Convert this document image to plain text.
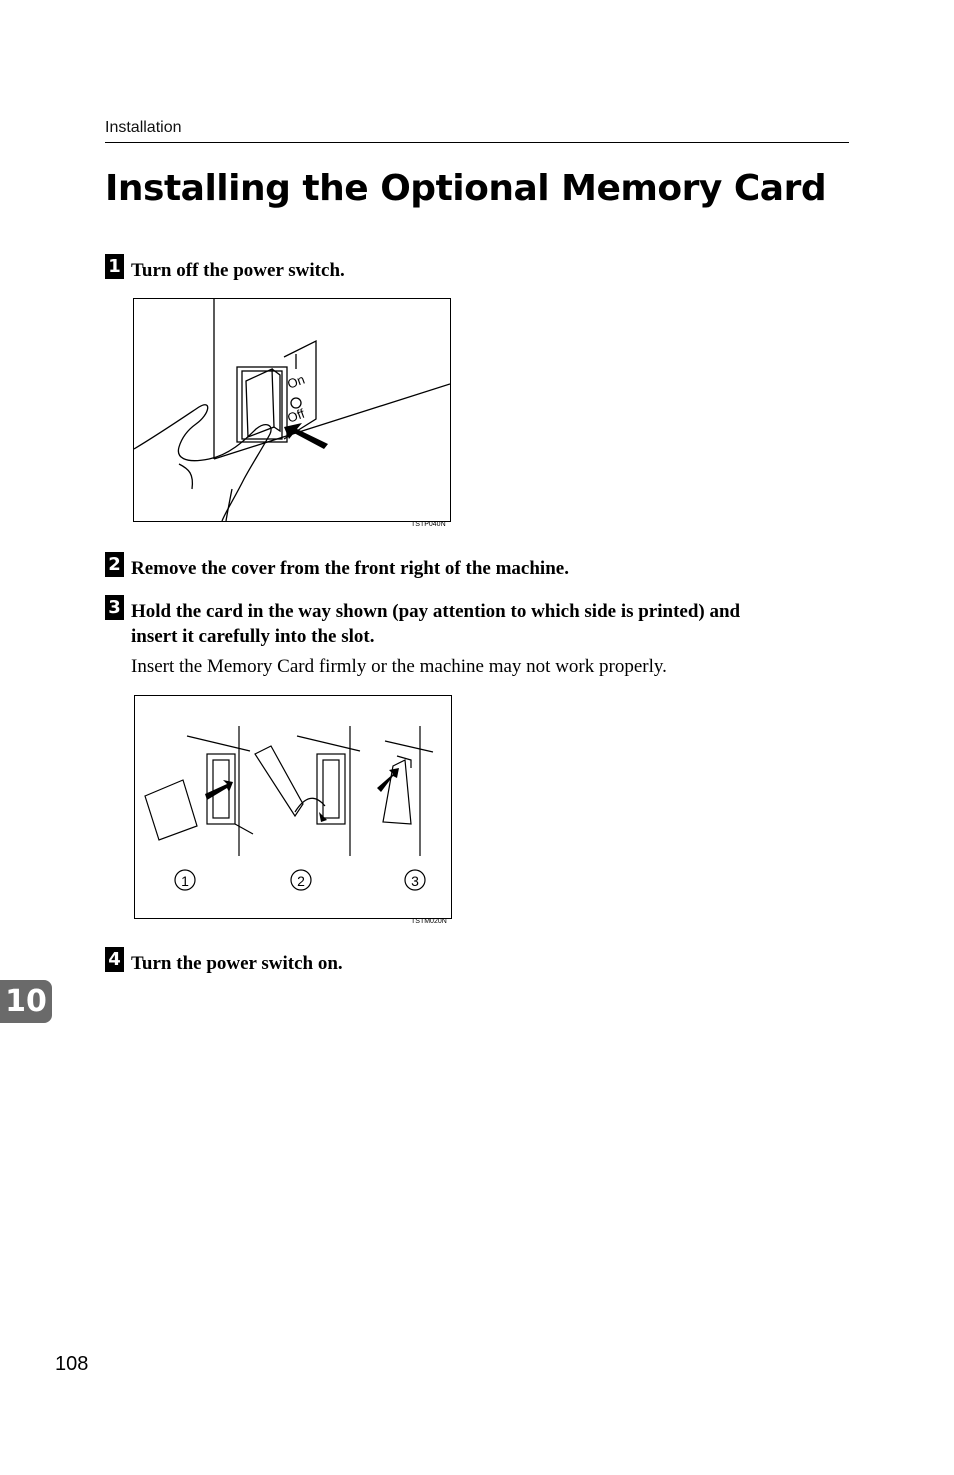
Installation
Installing the Optional Memory Card
1 Turn off the power switch.
On
Off
TSTP040N
2 Remove the cover from the front right of the machine.
3 Hold the card in the way shown (pay attention to which side is printed) and
insert it carefully into the slot.
Insert the Memory Card firmly or the machine may not work properly.
1	2	3
TSTM020N
4 Turn the power switch on.
10
108
